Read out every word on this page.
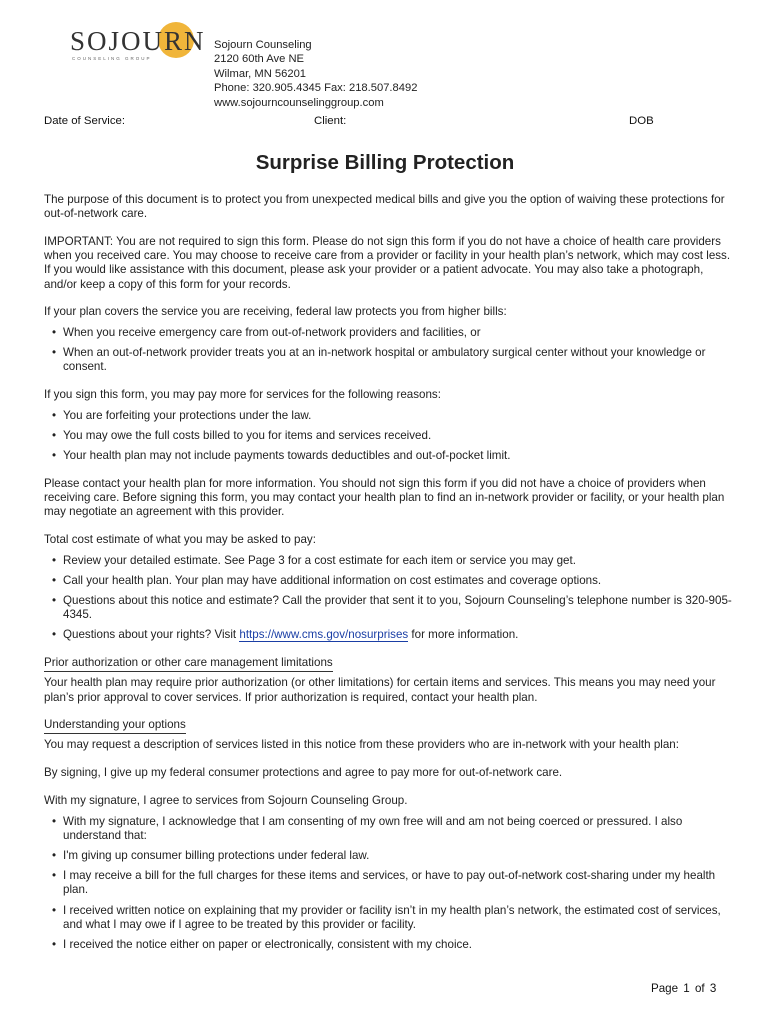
SOJOURN
COUNSELING GROUP
Sojourn Counseling
2120 60th Ave NE
Wilmar, MN 56201
Phone: 320.905.4345 Fax: 218.507.8492
www.sojourncounselinggroup.com
Date of Service:	Client:	DOB
Surprise Billing Protection

The purpose of this document is to protect you from unexpected medical bills and give you the option of waiving these protections for out-of-network care.

IMPORTANT: You are not required to sign this form. Please do not sign this form if you do not have a choice of health care providers when you received care. You may choose to receive care from a provider or facility in your health plan’s network, which may cost less. If you would like assistance with this document, please ask your provider or a patient advocate. You may also take a photograph, and/or keep a copy of this form for your records.

If your plan covers the service you are receiving, federal law protects you from higher bills:

• When you receive emergency care from out-of-network providers and facilities, or
• When an out-of-network provider treats you at an in-network hospital or ambulatory surgical center without your knowledge or consent.

If you sign this form, you may pay more for services for the following reasons:

• You are forfeiting your protections under the law.
• You may owe the full costs billed to you for items and services received.
• Your health plan may not include payments towards deductibles and out-of-pocket limit.

Please contact your health plan for more information. You should not sign this form if you did not have a choice of providers when receiving care. Before signing this form, you may contact your health plan to find an in-network provider or facility, or your health plan may negotiate an agreement with this provider.

Total cost estimate of what you may be asked to pay:

• Review your detailed estimate. See Page 3 for a cost estimate for each item or service you may get.
• Call your health plan. Your plan may have additional information on cost estimates and coverage options.
• Questions about this notice and estimate? Call the provider that sent it to you, Sojourn Counseling’s telephone number is 320-905-4345.
• Questions about your rights? Visit https://www.cms.gov/nosurprises for more information.
Prior authorization or other care management limitations

Your health plan may require prior authorization (or other limitations) for certain items and services. This means you may need your plan’s prior approval to cover services. If prior authorization is required, contact your health plan.

Understanding your options

You may request a description of services listed in this notice from these providers who are in-network with your health plan:

By signing, I give up my federal consumer protections and agree to pay more for out-of-network care.

With my signature, I agree to services from Sojourn Counseling Group.

• With my signature, I acknowledge that I am consenting of my own free will and am not being coerced or pressured. I also understand that:
• I'm giving up consumer billing protections under federal law.
• I may receive a bill for the full charges for these items and services, or have to pay out-of-network cost-sharing under my health plan.
• I received written notice on explaining that my provider or facility isn’t in my health plan’s network, the estimated cost of services, and what I may owe if I agree to be treated by this provider or facility.
• I received the notice either on paper or electronically, consistent with my choice.
Page 1 of 3
